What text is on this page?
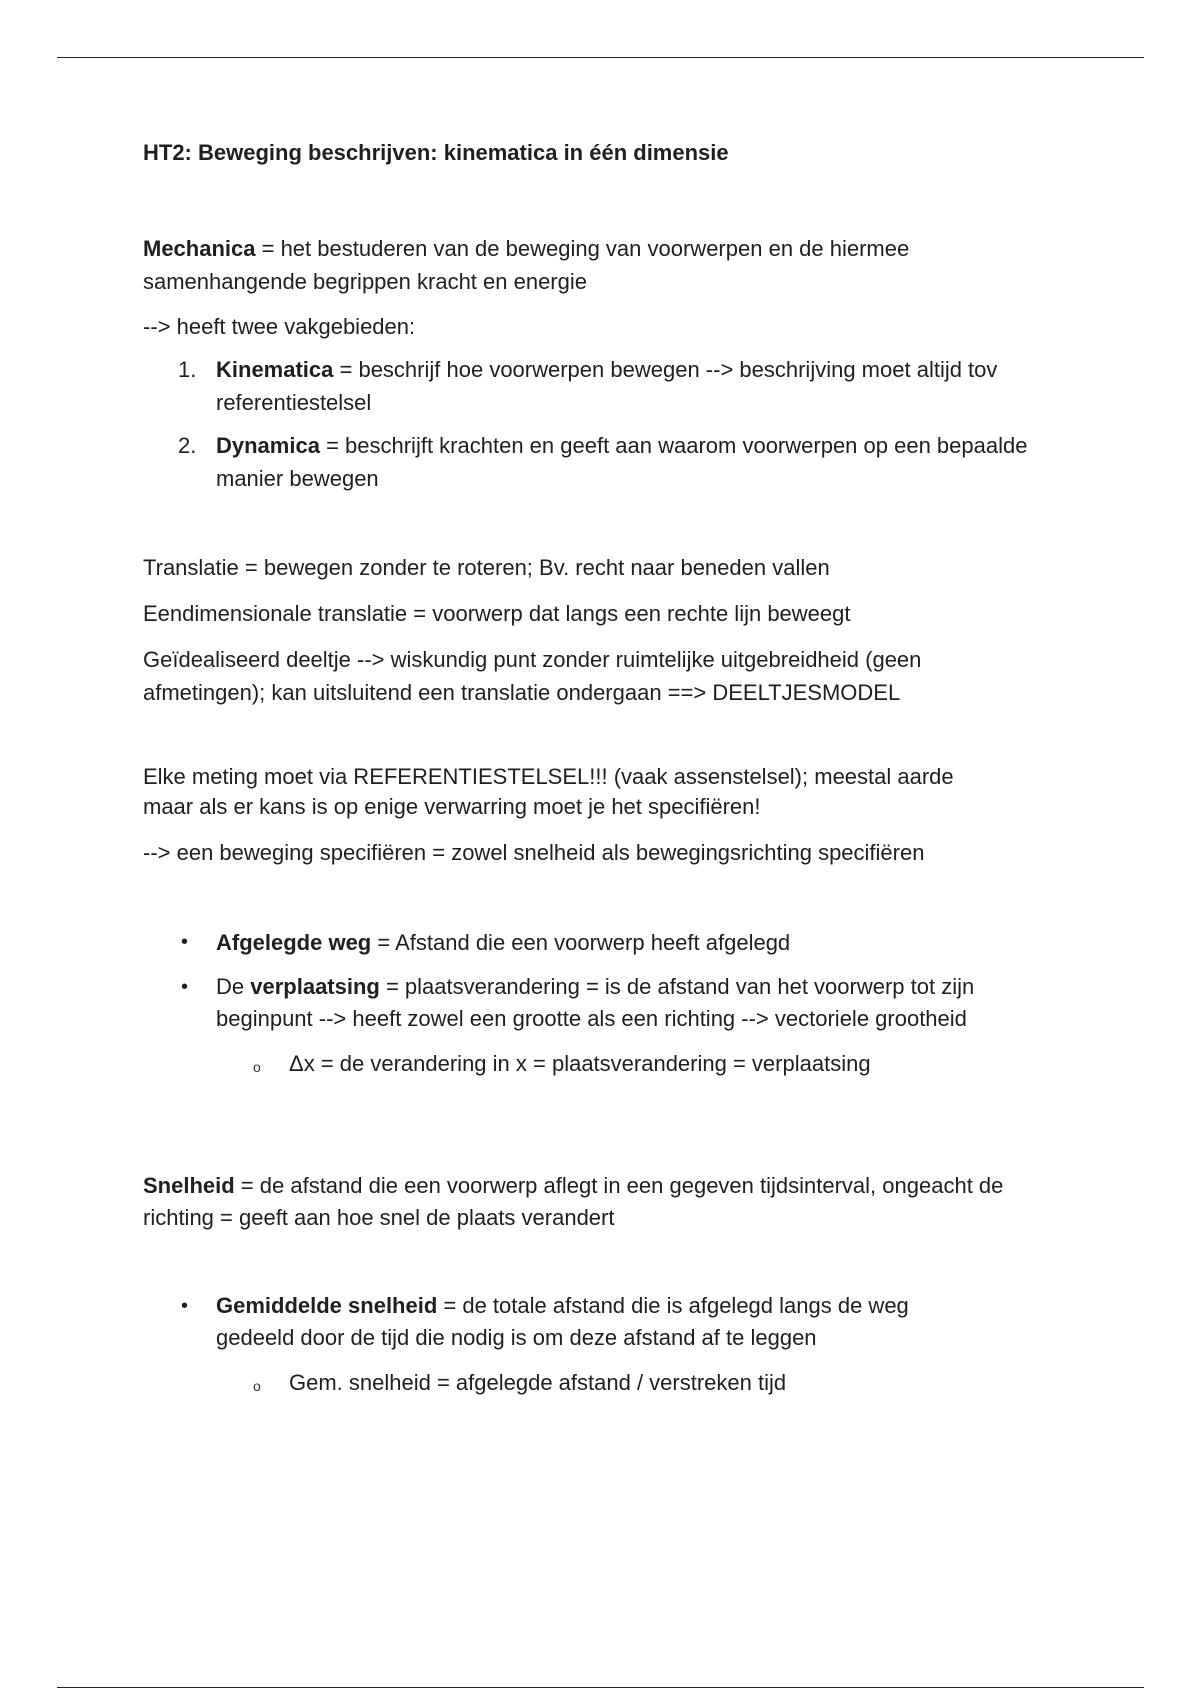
HT2: Beweging beschrijven: kinematica in één dimensie

Mechanica = het bestuderen van de beweging van voorwerpen en de hiermee samenhangende begrippen kracht en energie

--> heeft twee vakgebieden:

1. Kinematica = beschrijf hoe voorwerpen bewegen --> beschrijving moet altijd tov referentiestelsel
2. Dynamica = beschrijft krachten en geeft aan waarom voorwerpen op een bepaalde manier bewegen

Translatie = bewegen zonder te roteren; Bv. recht naar beneden vallen

Eendimensionale translatie = voorwerp dat langs een rechte lijn beweegt

Geïdealiseerd deeltje --> wiskundig punt zonder ruimtelijke uitgebreidheid (geen afmetingen); kan uitsluitend een translatie ondergaan ==> DEELTJESMODEL

Elke meting moet via REFERENTIESTELSEL!!! (vaak assenstelsel); meestal aarde maar als er kans is op enige verwarring moet je het specifiëren!

--> een beweging specifiëren = zowel snelheid als bewegingsrichting specifiëren

• Afgelegde weg = Afstand die een voorwerp heeft afgelegd
• De verplaatsing = plaatsverandering = is de afstand van het voorwerp tot zijn beginpunt --> heeft zowel een grootte als een richting --> vectoriele grootheid
o Δx = de verandering in x = plaatsverandering = verplaatsing

Snelheid = de afstand die een voorwerp aflegt in een gegeven tijdsinterval, ongeacht de richting = geeft aan hoe snel de plaats verandert

• Gemiddelde snelheid = de totale afstand die is afgelegd langs de weg gedeeld door de tijd die nodig is om deze afstand af te leggen
o Gem. snelheid = afgelegde afstand / verstreken tijd
